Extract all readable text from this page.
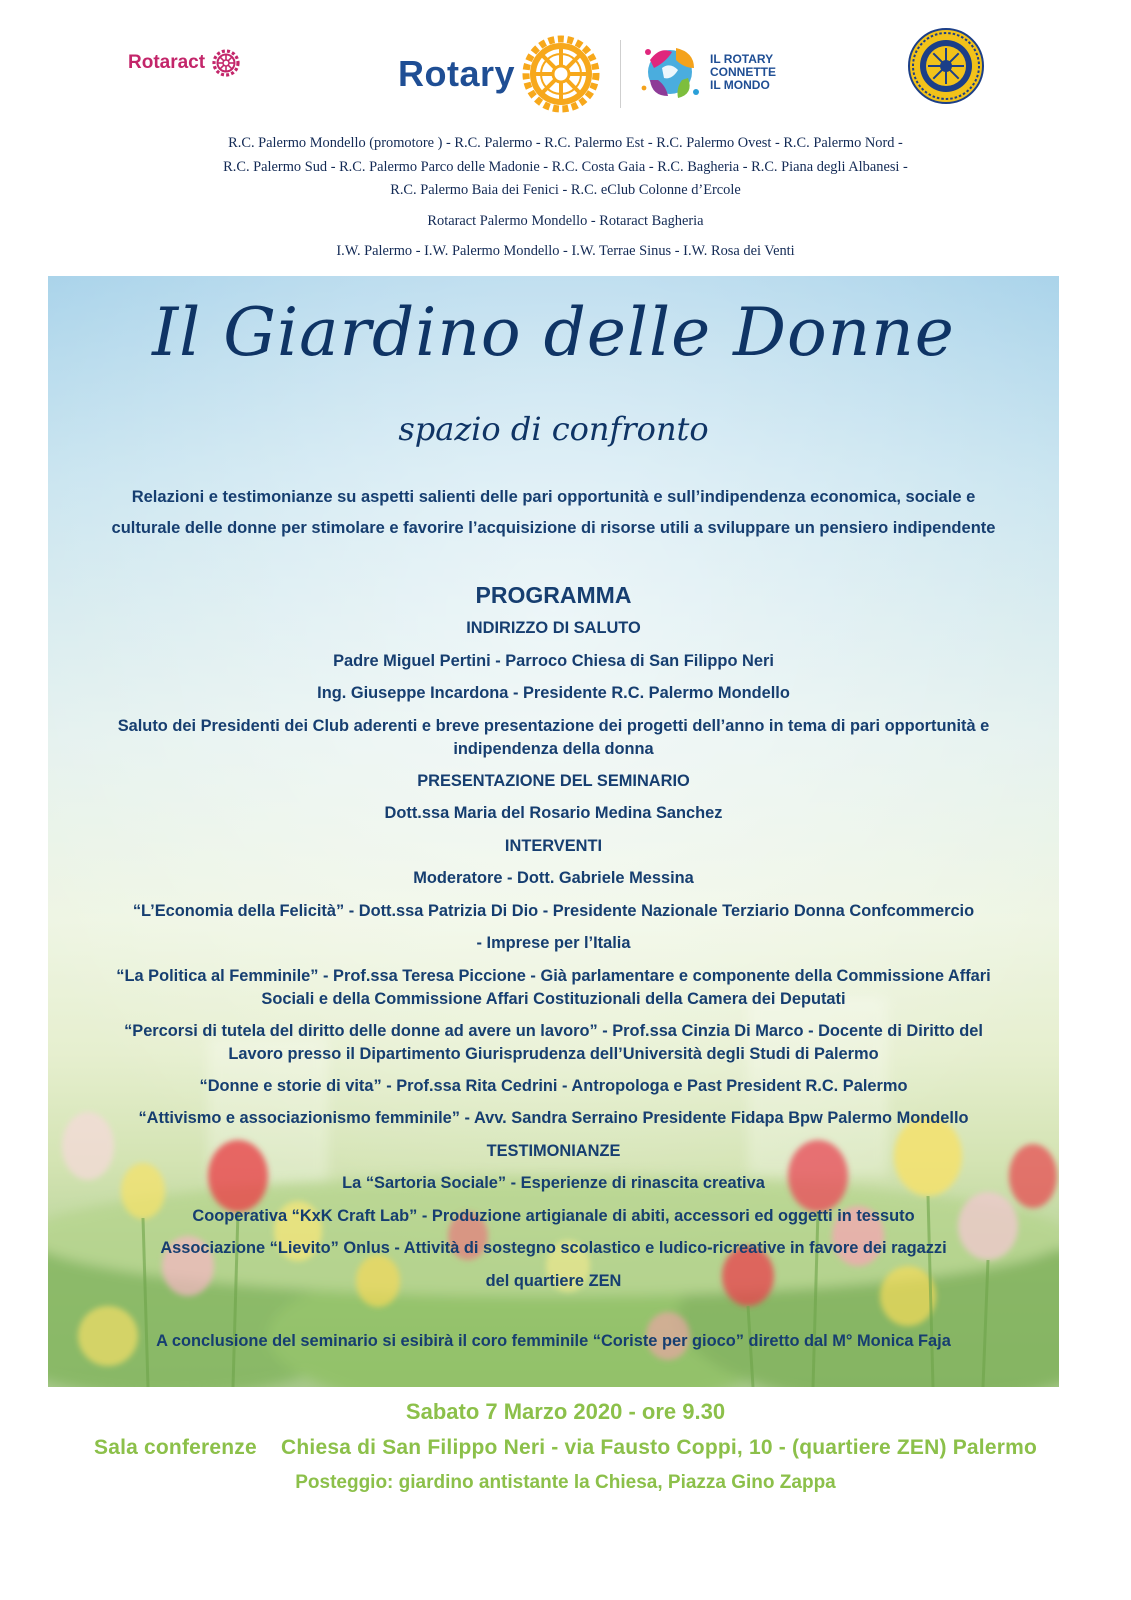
Rotaract	Rotary	IL ROTARY
CONNETTE
IL MONDO
R.C. Palermo Mondello (promotore ) - R.C. Palermo - R.C. Palermo Est - R.C. Palermo Ovest - R.C. Palermo Nord -
R.C. Palermo Sud - R.C. Palermo Parco delle Madonie - R.C. Costa Gaia - R.C. Bagheria - R.C. Piana degli Albanesi -
R.C. Palermo Baia dei Fenici - R.C. eClub Colonne d’Ercole
Rotaract Palermo Mondello - Rotaract Bagheria
I.W. Palermo - I.W. Palermo Mondello - I.W. Terrae Sinus - I.W. Rosa dei Venti
Il Giardino delle Donne
spazio di confronto
Relazioni e testimonianze su aspetti salienti delle pari opportunità e sull’indipendenza economica, sociale e
culturale delle donne per stimolare e favorire l’acquisizione di risorse utili a sviluppare un pensiero indipendente
PROGRAMMA
INDIRIZZO DI SALUTO
Padre Miguel Pertini - Parroco Chiesa di San Filippo Neri
Ing. Giuseppe Incardona - Presidente R.C. Palermo Mondello
Saluto dei Presidenti dei Club aderenti e breve presentazione dei progetti dell’anno in tema di pari opportunità e
indipendenza della donna
PRESENTAZIONE DEL SEMINARIO
Dott.ssa Maria del Rosario Medina Sanchez
INTERVENTI
Moderatore - Dott. Gabriele Messina
“L’Economia della Felicità” - Dott.ssa Patrizia Di Dio - Presidente Nazionale Terziario Donna Confcommercio
- Imprese per l’Italia
“La Politica al Femminile” - Prof.ssa Teresa Piccione - Già parlamentare e componente della Commissione Affari
Sociali e della Commissione Affari Costituzionali della Camera dei Deputati
“Percorsi di tutela del diritto delle donne ad avere un lavoro” - Prof.ssa Cinzia Di Marco - Docente di Diritto del
Lavoro presso il Dipartimento Giurisprudenza dell’Università degli Studi di Palermo
“Donne e storie di vita” - Prof.ssa Rita Cedrini - Antropologa e Past President R.C. Palermo
“Attivismo e associazionismo femminile” - Avv. Sandra Serraino Presidente Fidapa Bpw Palermo Mondello
TESTIMONIANZE
La “Sartoria Sociale” - Esperienze di rinascita creativa
Cooperativa “KxK Craft Lab” - Produzione artigianale di abiti, accessori ed oggetti in tessuto
Associazione “Lievito” Onlus - Attività di sostegno scolastico e ludico-ricreative in favore dei ragazzi
del quartiere ZEN
A conclusione del seminario si esibirà il coro femminile “Coriste per gioco” diretto dal M° Monica Faja
Sabato 7 Marzo 2020 - ore 9.30
Sala conferenze    Chiesa di San Filippo Neri - via Fausto Coppi, 10 - (quartiere ZEN) Palermo
Posteggio: giardino antistante la Chiesa, Piazza Gino Zappa
